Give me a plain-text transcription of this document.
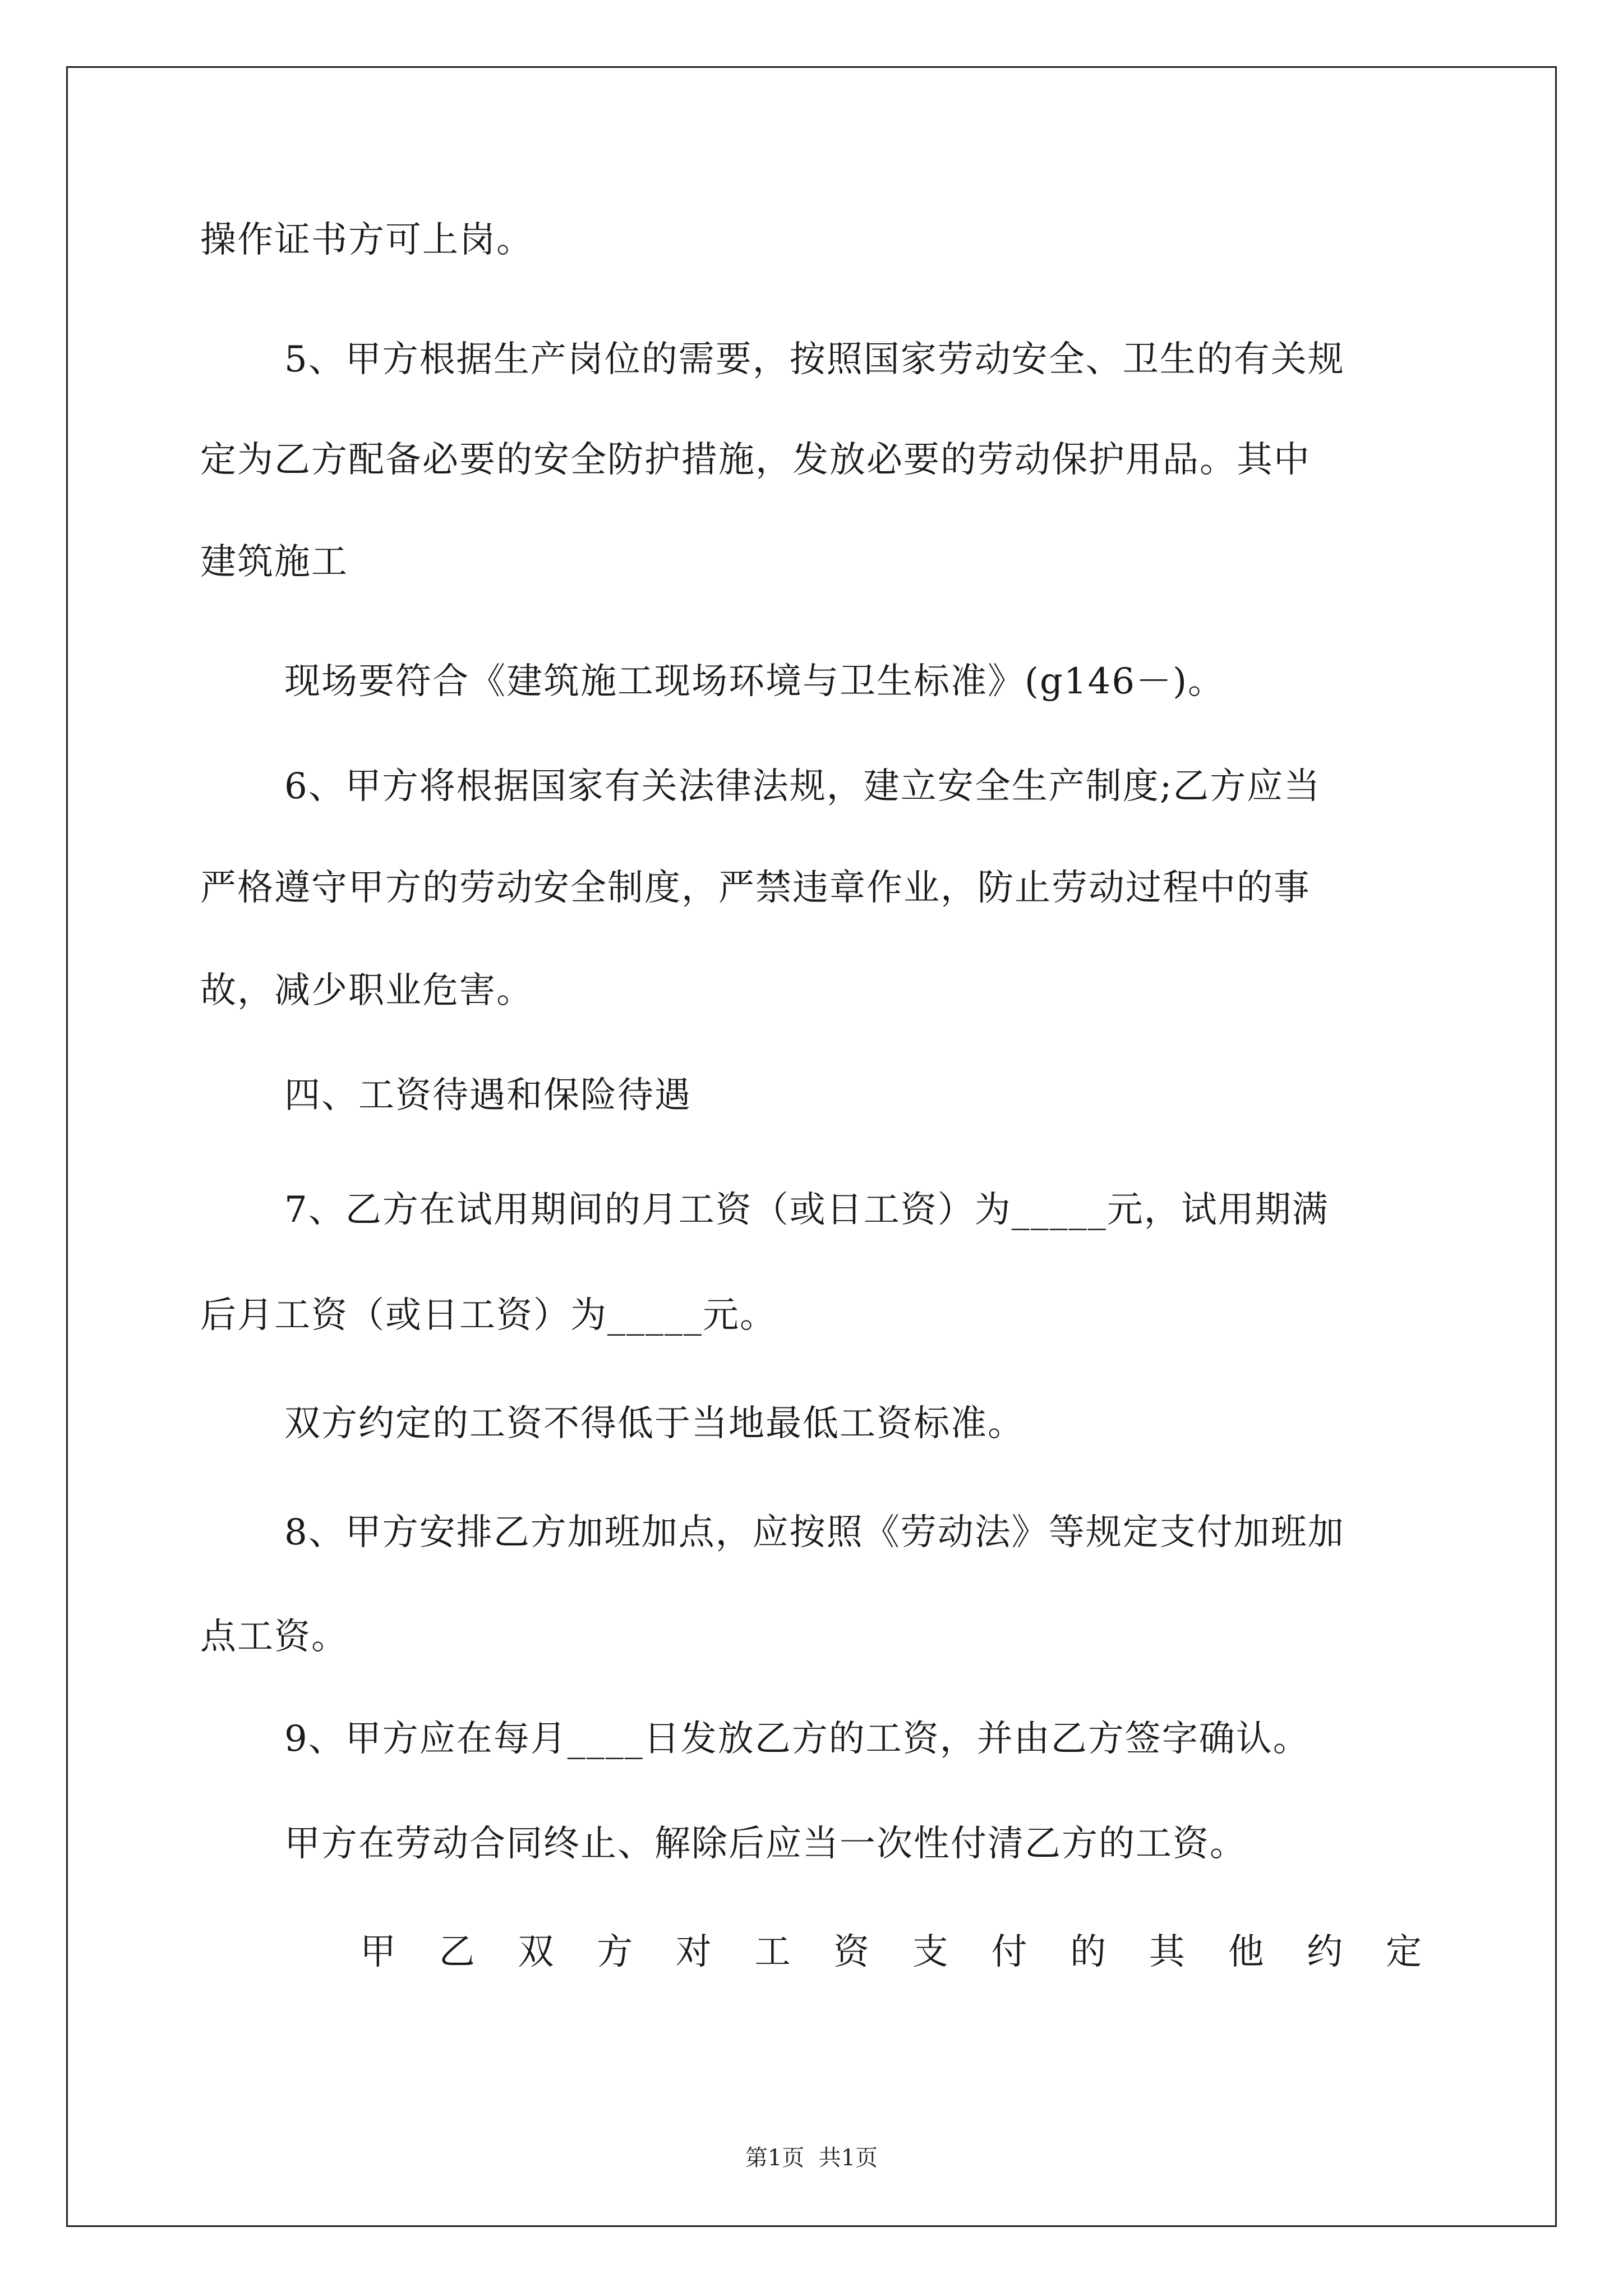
操作证书方可上岗。
5、甲方根据生产岗位的需要，按照国家劳动安全、卫生的有关规
定为乙方配备必要的安全防护措施，发放必要的劳动保护用品。其中
建筑施工
现场要符合《建筑施工现场环境与卫生标准》(g146－)。
6、甲方将根据国家有关法律法规，建立安全生产制度;乙方应当
严格遵守甲方的劳动安全制度，严禁违章作业，防止劳动过程中的事
故，减少职业危害。
四、工资待遇和保险待遇
7、乙方在试用期间的月工资（或日工资）为_____元，试用期满
后月工资（或日工资）为_____元。
双方约定的工资不得低于当地最低工资标准。
8、甲方安排乙方加班加点，应按照《劳动法》等规定支付加班加
点工资。
9、甲方应在每月____日发放乙方的工资，并由乙方签字确认。
甲方在劳动合同终止、解除后应当一次性付清乙方的工资。
甲 乙 双 方 对 工 资 支 付 的 其 他 约 定
第1页  共1页
